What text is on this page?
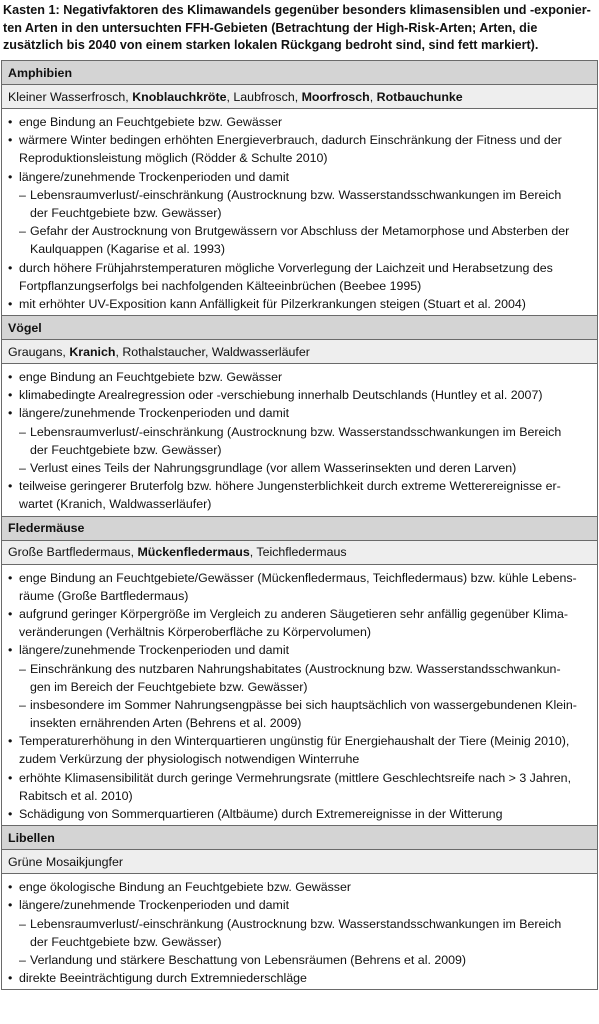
Kasten 1: Negativfaktoren des Klimawandels gegenüber besonders klimasensiblen und -exponier-
ten Arten in den untersuchten FFH-Gebieten (Betrachtung der High-Risk-Arten; Arten, die
zusätzlich bis 2040 von einem starken lokalen Rückgang bedroht sind, sind fett markiert).
Amphibien
Kleiner Wasserfrosch , Knoblauchkröte , Laubfrosch, Moorfrosch , Rotbauchunke
• enge Bindung an Feuchtgebiete bzw. Gewässer
• wärmere Winter bedingen erhöhten Energieverbrauch, dadurch Einschränkung der Fitness und der
Reproduktionsleistung möglich (Rödder & Schulte 2010)
• längere/zunehmende Trockenperioden und damit
– Lebensraumverlust/-einschränkung (Austrocknung bzw. Wasserstandsschwankungen im Bereich
der Feuchtgebiete bzw. Gewässer)
– Gefahr der Austrocknung von Brutgewässern vor Abschluss der Metamorphose und Absterben der
Kaulquappen (Kagarise et al. 1993)
• durch höhere Frühjahrstemperaturen mögliche Vorverlegung der Laichzeit und Herabsetzung des
Fortpflanzungserfolgs bei nachfolgenden Kälteeinbrüchen (Beebee 1995)
• mit erhöhter UV-Exposition kann Anfälligkeit für Pilzerkrankungen steigen (Stuart et al. 2004)
Vögel
Graugans, Kranich , Rothalstaucher, Waldwasserläufer
• enge Bindung an Feuchtgebiete bzw. Gewässer
• klimabedingte Arealregression oder -verschiebung innerhalb Deutschlands (Huntley et al. 2007)
• längere/zunehmende Trockenperioden und damit
– Lebensraumverlust/-einschränkung (Austrocknung bzw. Wasserstandsschwankungen im Bereich
der Feuchtgebiete bzw. Gewässer)
– Verlust eines Teils der Nahrungsgrundlage (vor allem Wasserinsekten und deren Larven)
• teilweise geringerer Bruterfolg bzw. höhere Jungensterblichkeit durch extreme Wetterereignisse er-
wartet (Kranich, Waldwasserläufer)
Fledermäuse
Große Bartfledermaus, Mückenfledermaus , Teichfledermaus
• enge Bindung an Feuchtgebiete/Gewässer (Mückenfledermaus, Teichfledermaus) bzw. kühle Lebens-
räume (Große Bartfledermaus)
• aufgrund geringer Körpergröße im Vergleich zu anderen Säugetieren sehr anfällig gegenüber Klima-
veränderungen (Verhältnis Körperoberfläche zu Körpervolumen)
• längere/zunehmende Trockenperioden und damit
– Einschränkung des nutzbaren Nahrungshabitates (Austrocknung bzw. Wasserstandsschwankun-
gen im Bereich der Feuchtgebiete bzw. Gewässer)
– insbesondere im Sommer Nahrungsengpässe bei sich hauptsächlich von wassergebundenen Klein-
insekten ernährenden Arten (Behrens et al. 2009)
• Temperaturerhöhung in den Winterquartieren ungünstig für Energiehaushalt der Tiere (Meinig 2010),
zudem Verkürzung der physiologisch notwendigen Winterruhe
• erhöhte Klimasensibilität durch geringe Vermehrungsrate (mittlere Geschlechtsreife nach > 3 Jahren,
Rabitsch et al. 2010)
• Schädigung von Sommerquartieren (Altbäume) durch Extremereignisse in der Witterung
Libellen
Grüne Mosaikjungfer
• enge ökologische Bindung an Feuchtgebiete bzw. Gewässer
• längere/zunehmende Trockenperioden und damit
– Lebensraumverlust/-einschränkung (Austrocknung bzw. Wasserstandsschwankungen im Bereich
der Feuchtgebiete bzw. Gewässer)
– Verlandung und stärkere Beschattung von Lebensräumen (Behrens et al. 2009)
• direkte Beeinträchtigung durch Extremniederschläge
